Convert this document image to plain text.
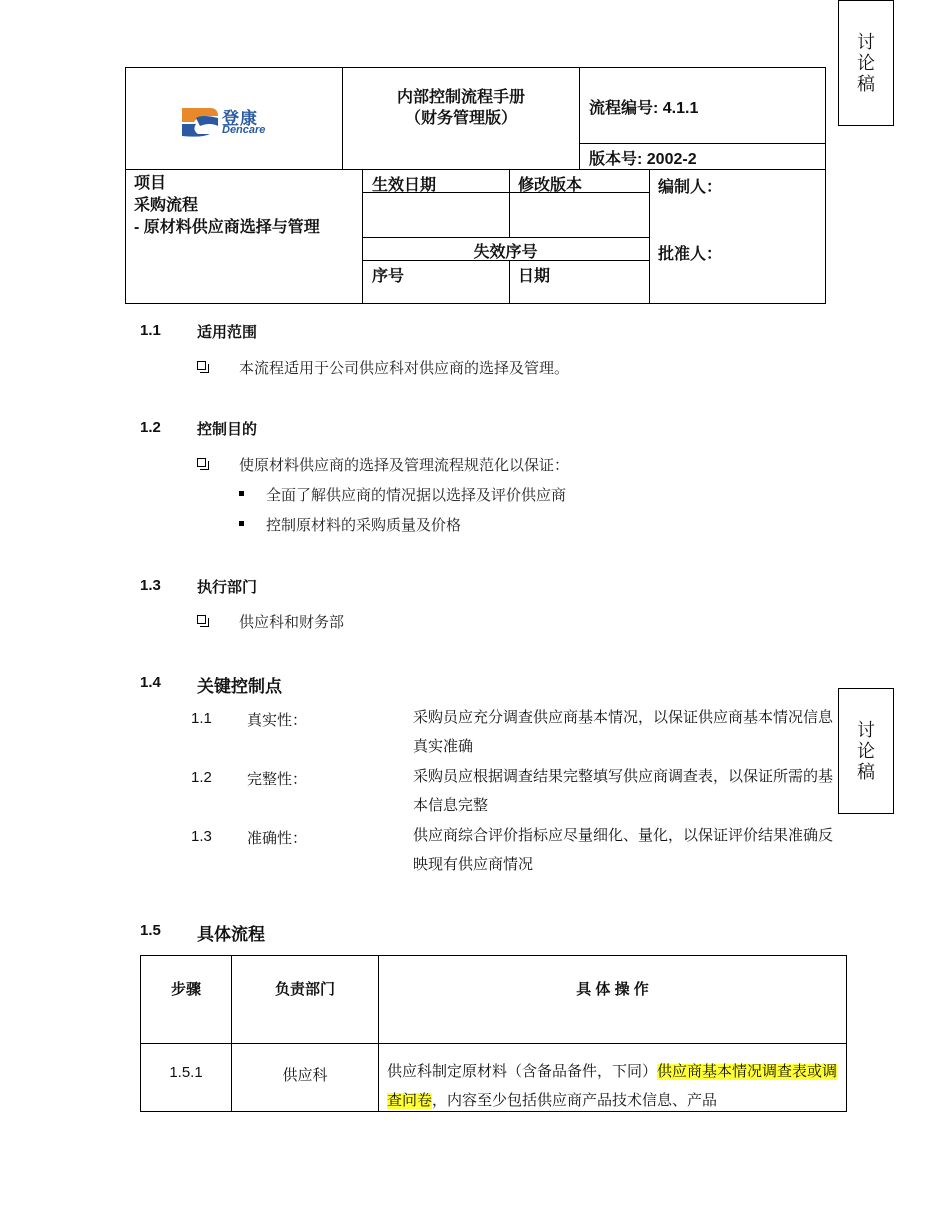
讨论稿
讨论稿
登康
Dencare

内部控制流程手册
（财务管理版）

流程编号: 4.1.1

版本号: 2002-2

项目
采购流程
- 原材料供应商选择与管理
生效日期	修改版本
失效序号
序号	日期
编制人：
批准人：
1.1 适用范围
本流程适用于公司供应科对供应商的选择及管理。
1.2 控制目的
使原材料供应商的选择及管理流程规范化以保证：
全面了解供应商的情况据以选择及评价供应商
控制原材料的采购质量及价格
1.3 执行部门
供应科和财务部
1.4 关键控制点
1.1 真实性：	采购员应充分调查供应商基本情况，以保证供应商基本情况信息真实准确
1.2 完整性：	采购员应根据调查结果完整填写供应商调查表，以保证所需的基本信息完整
1.3 准确性：	供应商综合评价指标应尽量细化、量化，以保证评价结果准确反映现有供应商情况
1.5 具体流程
步骤	负责部门	具 体 操 作

1.5.1	供应科	供应科制定原材料（含备品备件，下同）供应商基本情况调查表或调查问卷，内容至少包括供应商产品技术信息、产品
